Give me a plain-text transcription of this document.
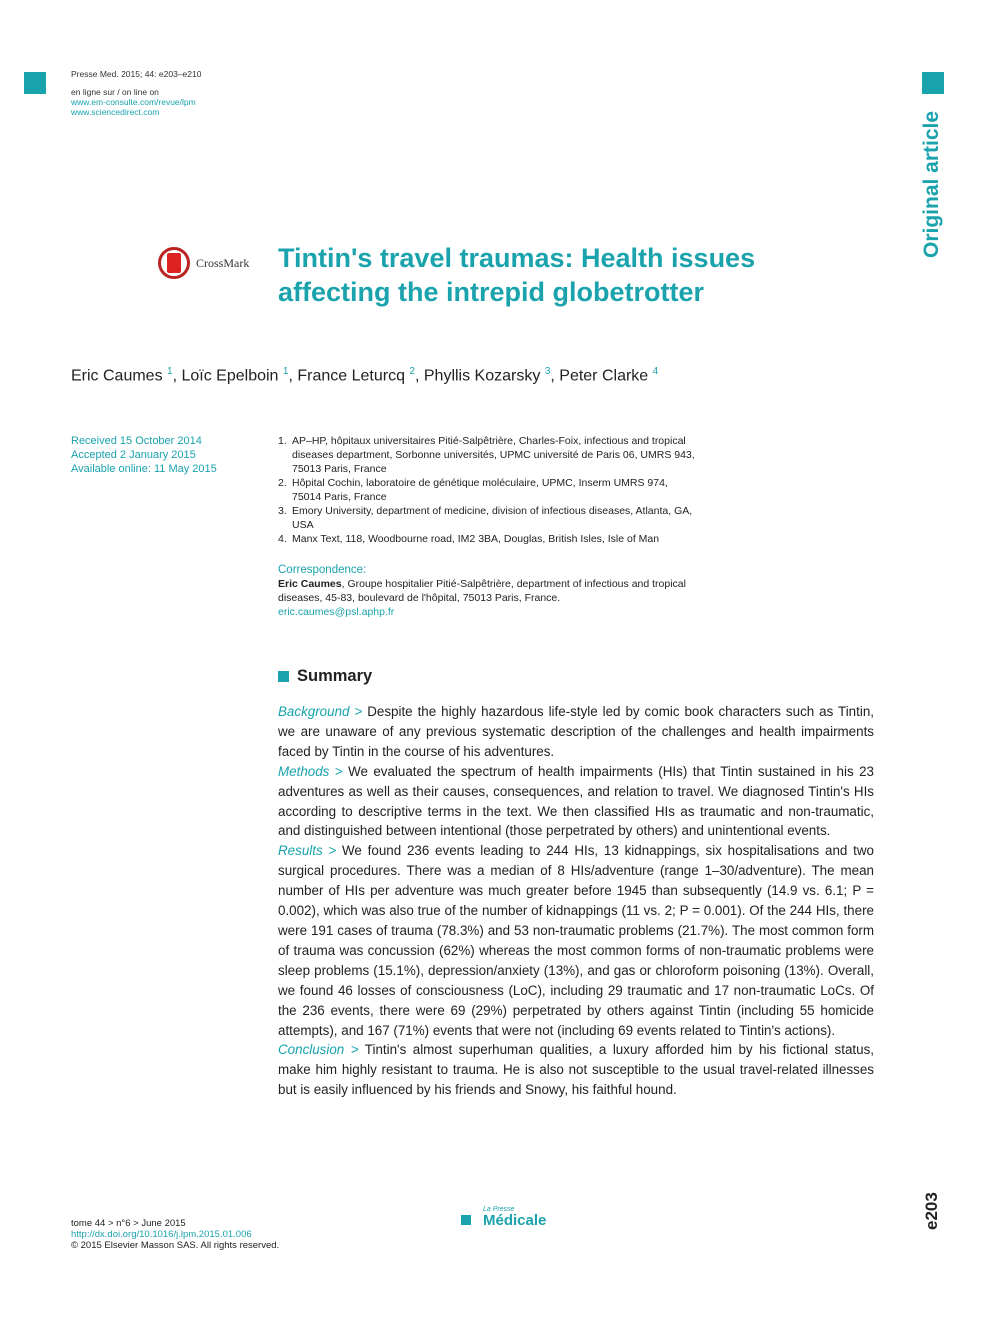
Presse Med. 2015; 44: e203–e210
en ligne sur / on line on
www.em-consulte.com/revue/lpm
www.sciencedirect.com	Original article
CrossMark Tintin's travel traumas: Health issues affecting the intrepid globetrotter
Eric Caumes $^1$, Loïc Epelboin $^1$, France Leturcq $^2$, Phyllis Kozarsky $^3$, Peter Clarke $^4$
Received 15 October 2014
Accepted 2 January 2015
Available online: 11 May 2015
1. AP–HP, hôpitaux universitaires Pitié-Salpêtrière, Charles-Foix, infectious and tropical diseases department, Sorbonne universités, UPMC université de Paris 06, UMRS 943, 75013 Paris, France
2. Hôpital Cochin, laboratoire de génétique moléculaire, UPMC, Inserm UMRS 974, 75014 Paris, France
3. Emory University, department of medicine, division of infectious diseases, Atlanta, GA, USA
4. Manx Text, 118, Woodbourne road, IM2 3BA, Douglas, British Isles, Isle of Man
Correspondence:
Eric Caumes, Groupe hospitalier Pitié-Salpêtrière, department of infectious and tropical diseases, 45-83, boulevard de l'hôpital, 75013 Paris, France.
eric.caumes@psl.aphp.fr
Summary

Background > Despite the highly hazardous life-style led by comic book characters such as Tintin, we are unaware of any previous systematic description of the challenges and health impairments faced by Tintin in the course of his adventures.

Methods > We evaluated the spectrum of health impairments (HIs) that Tintin sustained in his 23 adventures as well as their causes, consequences, and relation to travel. We diagnosed Tintin's HIs according to descriptive terms in the text. We then classified HIs as traumatic and non-traumatic, and distinguished between intentional (those perpetrated by others) and unintentional events.

Results > We found 236 events leading to 244 HIs, 13 kidnappings, six hospitalisations and two surgical procedures. There was a median of 8 HIs/adventure (range 1–30/adventure). The mean number of HIs per adventure was much greater before 1945 than subsequently (14.9 vs. 6.1; P = 0.002), which was also true of the number of kidnappings (11 vs. 2; P = 0.001). Of the 244 HIs, there were 191 cases of trauma (78.3%) and 53 non-traumatic problems (21.7%). The most common form of trauma was concussion (62%) whereas the most common forms of non-traumatic problems were sleep problems (15.1%), depression/anxiety (13%), and gas or chloroform poisoning (13%). Overall, we found 46 losses of consciousness (LoC), including 29 traumatic and 17 non-traumatic LoCs. Of the 236 events, there were 69 (29%) perpetrated by others against Tintin (including 55 homicide attempts), and 167 (71%) events that were not (including 69 events related to Tintin's actions).

Conclusion > Tintin's almost superhuman qualities, a luxury afforded him by his fictional status, make him highly resistant to trauma. He is also not susceptible to the usual travel-related illnesses but is easily influenced by his friends and Snowy, his faithful hound.

tome 44 > n°6 > June 2015
http://dx.doi.org/10.1016/j.lpm.2015.01.006
© 2015 Elsevier Masson SAS. All rights reserved.
La Presse
Médicale	e203
